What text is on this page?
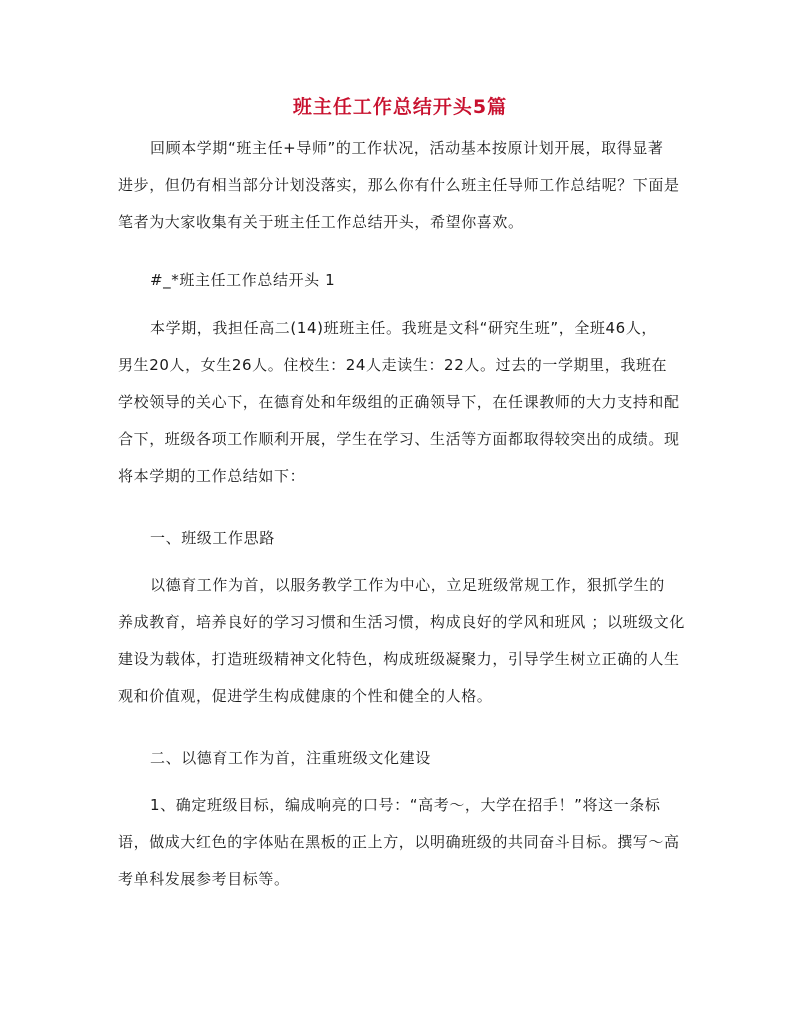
班主任工作总结开头5篇
回顾本学期“班主任+导师”的工作状况，活动基本按原计划开展，取得显著
进步，但仍有相当部分计划没落实，那么你有什么班主任导师工作总结呢？下面是
笔者为大家收集有关于班主任工作总结开头，希望你喜欢。
#_*班主任工作总结开头 1
本学期，我担任高二(14)班班主任。我班是文科“研究生班”，全班46人，
男生20人，女生26人。住校生：24人走读生：22人。过去的一学期里，我班在
学校领导的关心下，在德育处和年级组的正确领导下，在任课教师的大力支持和配
合下，班级各项工作顺利开展，学生在学习、生活等方面都取得较突出的成绩。现
将本学期的工作总结如下：
一、班级工作思路
以德育工作为首，以服务教学工作为中心，立足班级常规工作，狠抓学生的
养成教育，培养良好的学习习惯和生活习惯，构成良好的学风和班风 ；以班级文化
建设为载体，打造班级精神文化特色，构成班级凝聚力，引导学生树立正确的人生
观和价值观，促进学生构成健康的个性和健全的人格。
二、以德育工作为首，注重班级文化建设
1、确定班级目标，编成响亮的口号：“高考～，大学在招手！”将这一条标
语，做成大红色的字体贴在黑板的正上方，以明确班级的共同奋斗目标。撰写～高
考单科发展参考目标等。
